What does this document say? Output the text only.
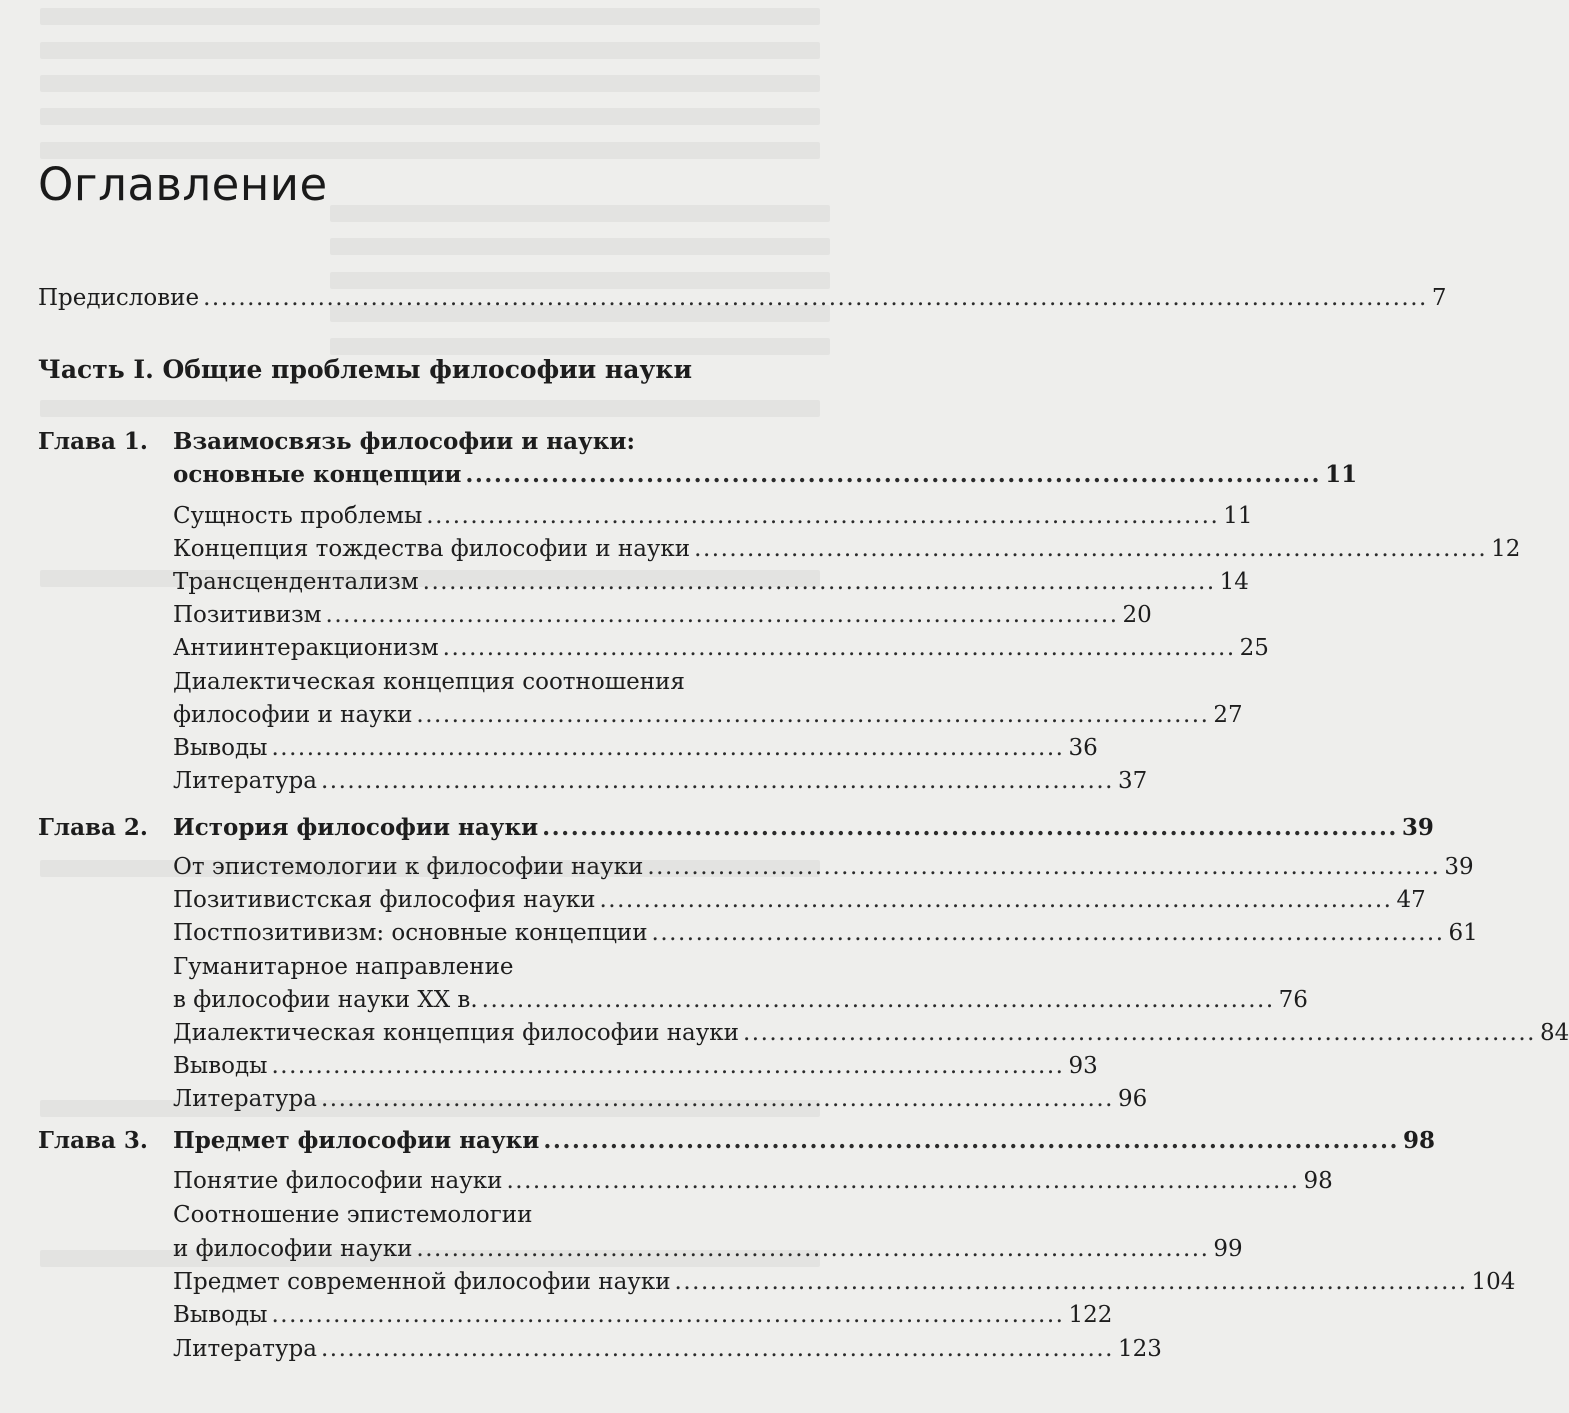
Оглавление
Предисловие ........................................................................................................................................... 7
Часть I. Общие проблемы философии науки
Глава 1. Взаимосвязь философии и науки:
основные концепции .......................................................................................... 11
Сущность проблемы .......................................................................................... 11
Концепция тождества философии и науки .......................................................................................... 12
Трансцендентализм .......................................................................................... 14
Позитивизм .......................................................................................... 20
Антиинтеракционизм .......................................................................................... 25
Диалектическая концепция соотношения
философии и науки .......................................................................................... 27
Выводы .......................................................................................... 36
Литература .......................................................................................... 37
Глава 2. История философии науки .......................................................................................... 39
От эпистемологии к философии науки .......................................................................................... 39
Позитивистская философия науки .......................................................................................... 47
Постпозитивизм: основные концепции .......................................................................................... 61
Гуманитарное направление
в философии науки XX в. .......................................................................................... 76
Диалектическая концепция философии науки .......................................................................................... 84
Выводы .......................................................................................... 93
Литература .......................................................................................... 96
Глава 3. Предмет философии науки .......................................................................................... 98
Понятие философии науки .......................................................................................... 98
Соотношение эпистемологии
и философии науки .......................................................................................... 99
Предмет современной философии науки .......................................................................................... 104
Выводы .......................................................................................... 122
Литература .......................................................................................... 123
